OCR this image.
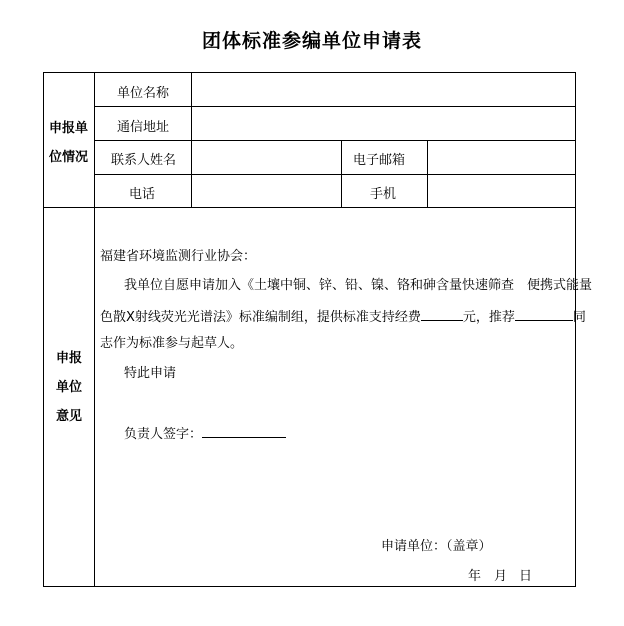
团体标准参编单位申请表
申报单
位情况
单位名称
通信地址
联系人姓名	电子邮箱
电话	手机
申报
单位
意见
福建省环境监测行业协会：
我单位自愿申请加入《土壤中铜、锌、铅、镍、铬和砷含量快速筛查　便携式能量
色散Ⅹ射线荧光光谱法》标准编制组，提供标准支持经费	元，推荐	同
志作为标准参与起草人。
特此申请
负责人签字：
申请单位：（盖章）
年 月 日
